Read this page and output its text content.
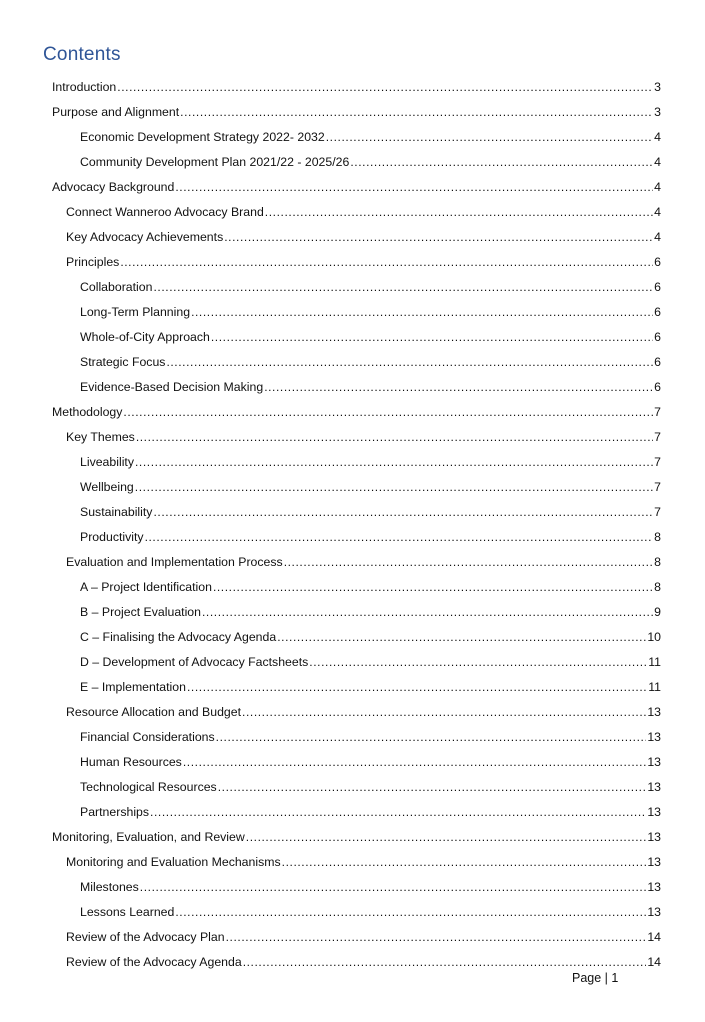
Contents
Introduction .....	3
Purpose and Alignment .....	3
Economic Development Strategy 2022- 2032 .....	4
Community Development Plan 2021/22 - 2025/26 .....	4
Advocacy Background .....	4
Connect Wanneroo Advocacy Brand .....	4
Key Advocacy Achievements .....	4
Principles .....	6
Collaboration .....	6
Long-Term Planning .....	6
Whole-of-City Approach .....	6
Strategic Focus .....	6
Evidence-Based Decision Making .....	6
Methodology .....	7
Key Themes .....	7
Liveability .....	7
Wellbeing .....	7
Sustainability .....	7
Productivity .....	8
Evaluation and Implementation Process .....	8
A – Project Identification .....	8
B – Project Evaluation .....	9
C – Finalising the Advocacy Agenda .....	10
D – Development of Advocacy Factsheets .....	11
E – Implementation .....	11
Resource Allocation and Budget .....	13
Financial Considerations .....	13
Human Resources .....	13
Technological Resources .....	13
Partnerships .....	13
Monitoring, Evaluation, and Review .....	13
Monitoring and Evaluation Mechanisms .....	13
Milestones .....	13
Lessons Learned .....	13
Review of the Advocacy Plan .....	14
Review of the Advocacy Agenda .....	14
Page | 1
